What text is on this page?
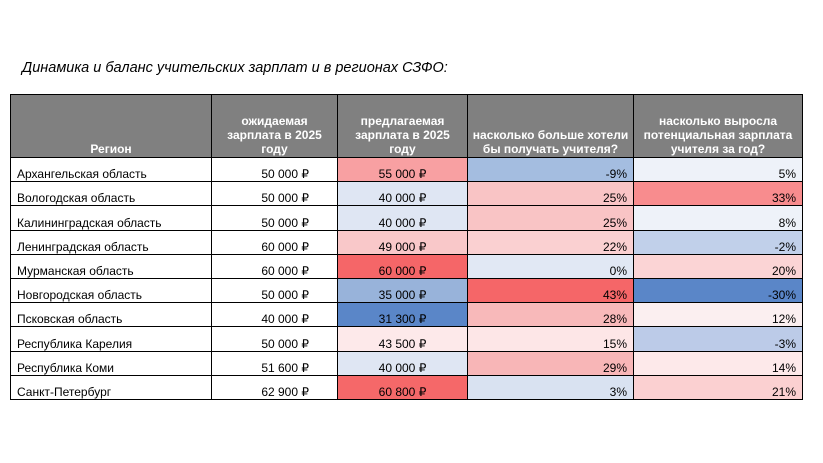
Динамика и баланс учительских зарплат и в регионах СЗФО:
Регион	ожидаемая зарплата в 2025 году	предлагаемая зарплата в 2025 году	насколько больше хотели бы получать учителя?	насколько выросла потенциальная зарплата учителя за год?
Архангельская область	50 000 ₽	55 000 ₽	-9%	5%
Вологодская область	50 000 ₽	40 000 ₽	25%	33%
Калининградская область	50 000 ₽	40 000 ₽	25%	8%
Ленинградская область	60 000 ₽	49 000 ₽	22%	-2%
Мурманская область	60 000 ₽	60 000 ₽	0%	20%
Новгородская область	50 000 ₽	35 000 ₽	43%	-30%
Псковская область	40 000 ₽	31 300 ₽	28%	12%
Республика Карелия	50 000 ₽	43 500 ₽	15%	-3%
Республика Коми	51 600 ₽	40 000 ₽	29%	14%
Санкт-Петербург	62 900 ₽	60 800 ₽	3%	21%
